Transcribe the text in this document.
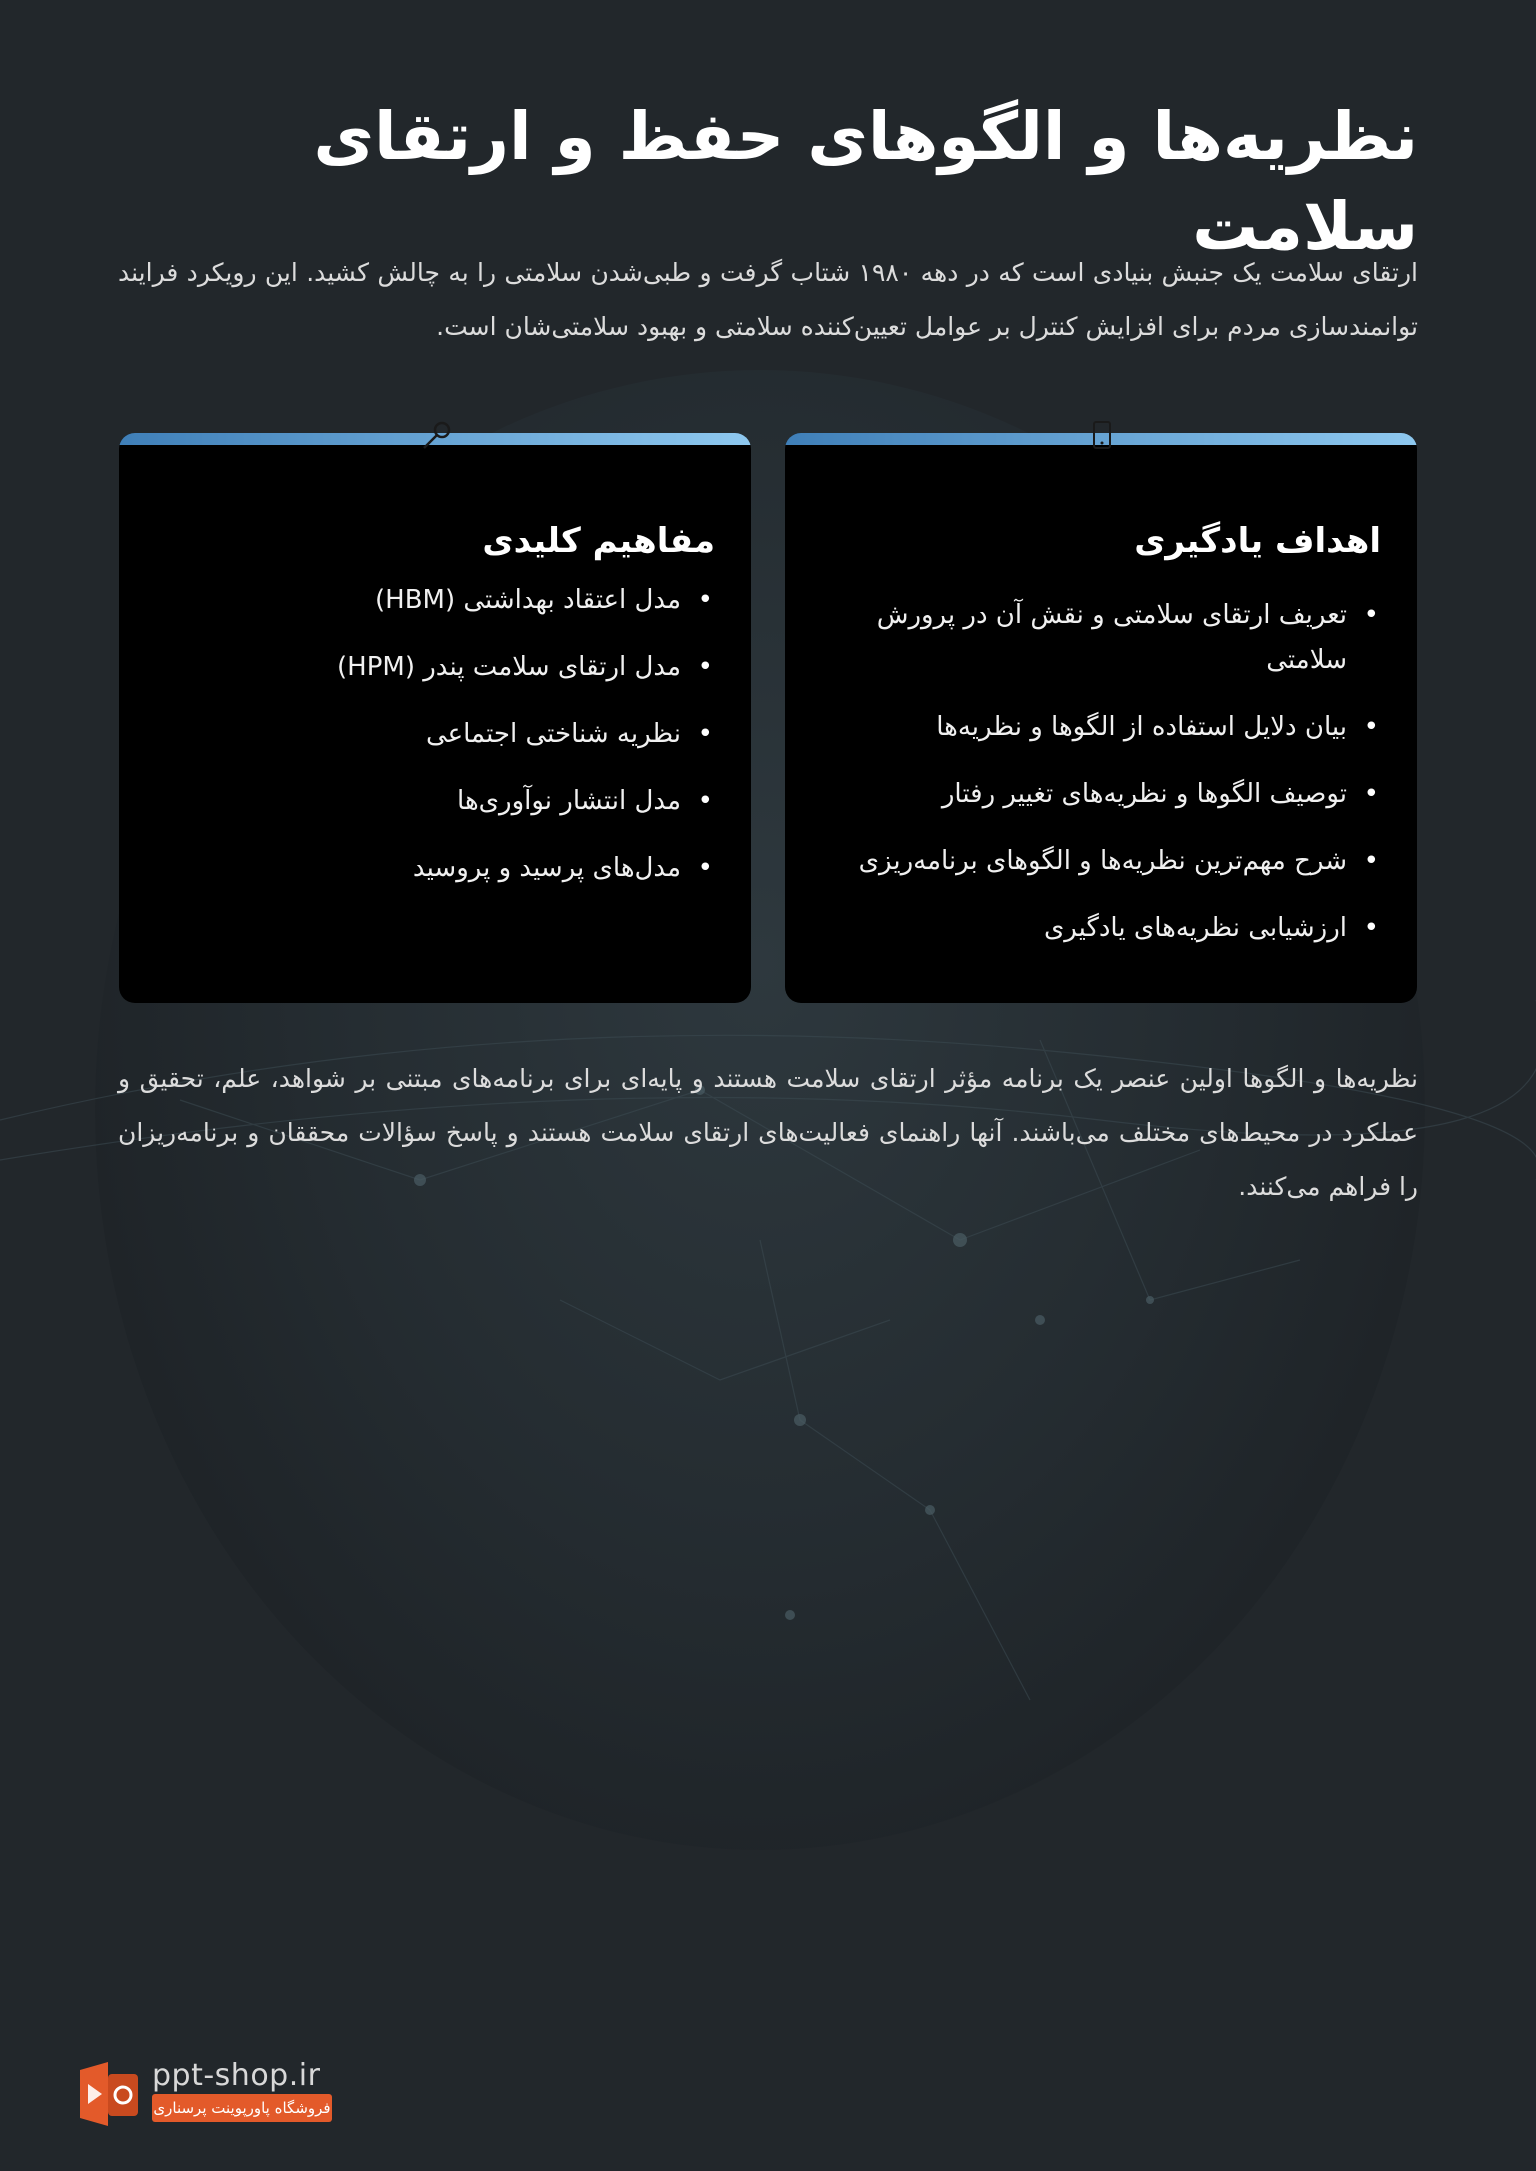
نظریه‌ها و الگوهای حفظ و ارتقای سلامت
ارتقای سلامت یک جنبش بنیادی است که در دهه ۱۹۸۰ شتاب گرفت و طبی‌شدن سلامتی را به چالش کشید. این رویکرد فرایند توانمندسازی مردم برای افزایش کنترل بر عوامل تعیین‌کننده سلامتی و بهبود سلامتی‌شان است.
اهداف یادگیری
• تعریف ارتقای سلامتی و نقش آن در پرورش سلامتی
• بیان دلایل استفاده از الگوها و نظریه‌ها
• توصیف الگوها و نظریه‌های تغییر رفتار
• شرح مهم‌ترین نظریه‌ها و الگوهای برنامه‌ریزی
• ارزشیابی نظریه‌های یادگیری
مفاهیم کلیدی
• مدل اعتقاد بهداشتی (HBM)
• مدل ارتقای سلامت پندر (HPM)
• نظریه شناختی اجتماعی
• مدل انتشار نوآوری‌ها
• مدل‌های پرسید و پروسید
نظریه‌ها و الگوها اولین عنصر یک برنامه مؤثر ارتقای سلامت هستند و پایه‌ای برای برنامه‌های مبتنی بر شواهد، علم، تحقیق و عملکرد در محیط‌های مختلف می‌باشند. آنها راهنمای فعالیت‌های ارتقای سلامت هستند و پاسخ سؤالات محققان و برنامه‌ریزان را فراهم می‌کنند.
ppt-shop.ir
فروشگاه پاورپوینت پرسناری
